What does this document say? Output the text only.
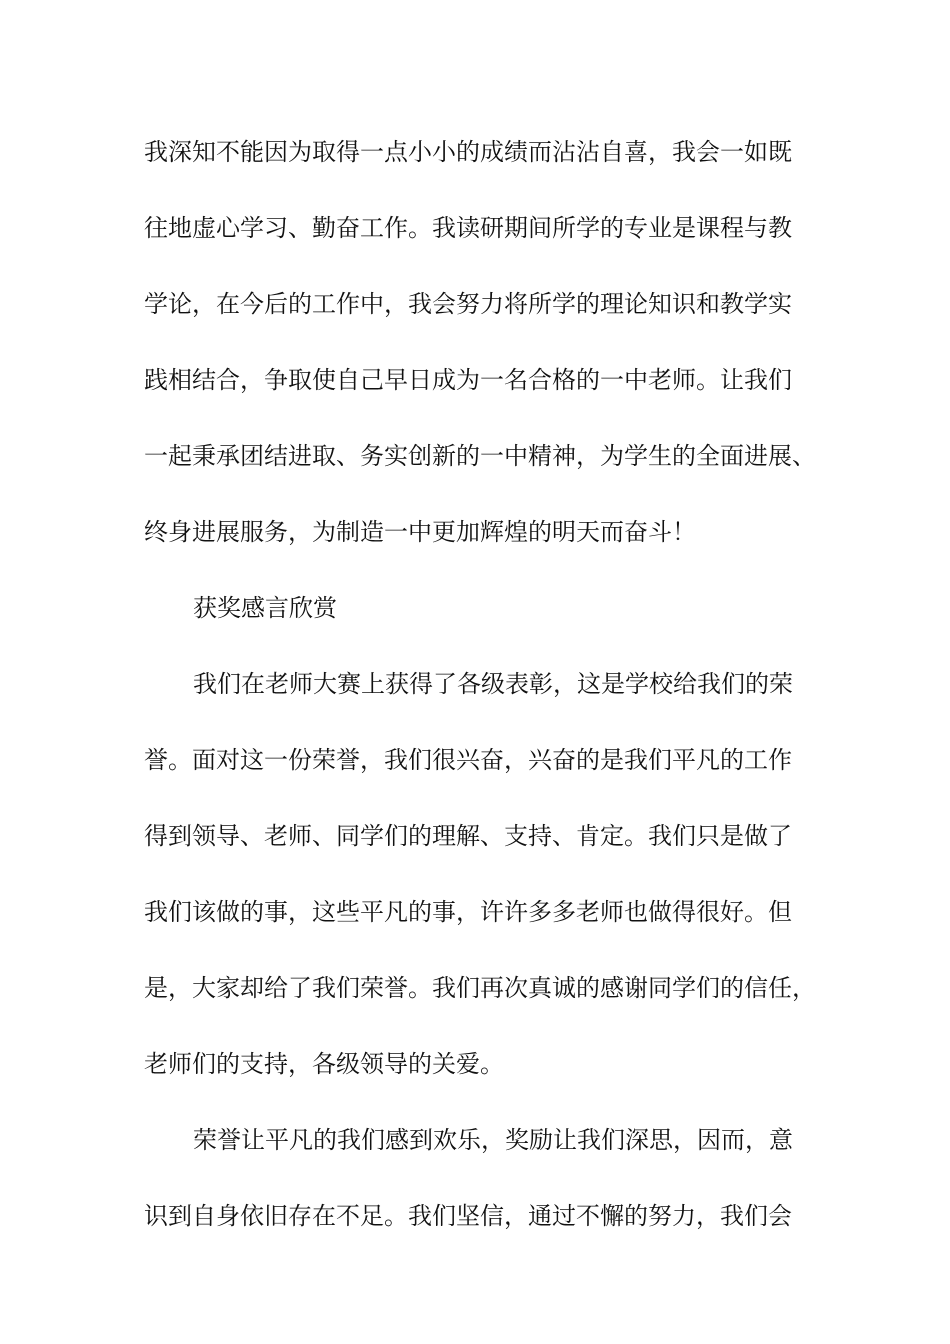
我深知不能因为取得一点小小的成绩而沾沾自喜，我会一如既
往地虚心学习、勤奋工作。我读研期间所学的专业是课程与教
学论，在今后的工作中，我会努力将所学的理论知识和教学实
践相结合，争取使自己早日成为一名合格的一中老师。让我们
一起秉承团结进取、务实创新的一中精神，为学生的全面进展、
终身进展服务，为制造一中更加辉煌的明天而奋斗！
获奖感言欣赏
我们在老师大赛上获得了各级表彰，这是学校给我们的荣
誉。面对这一份荣誉，我们很兴奋，兴奋的是我们平凡的工作
得到领导、老师、同学们的理解、支持、肯定。我们只是做了
我们该做的事，这些平凡的事，许许多多老师也做得很好。但
是，大家却给了我们荣誉。我们再次真诚的感谢同学们的信任，
老师们的支持，各级领导的关爱。
荣誉让平凡的我们感到欢乐，奖励让我们深思，因而，意
识到自身依旧存在不足。我们坚信，通过不懈的努力，我们会
